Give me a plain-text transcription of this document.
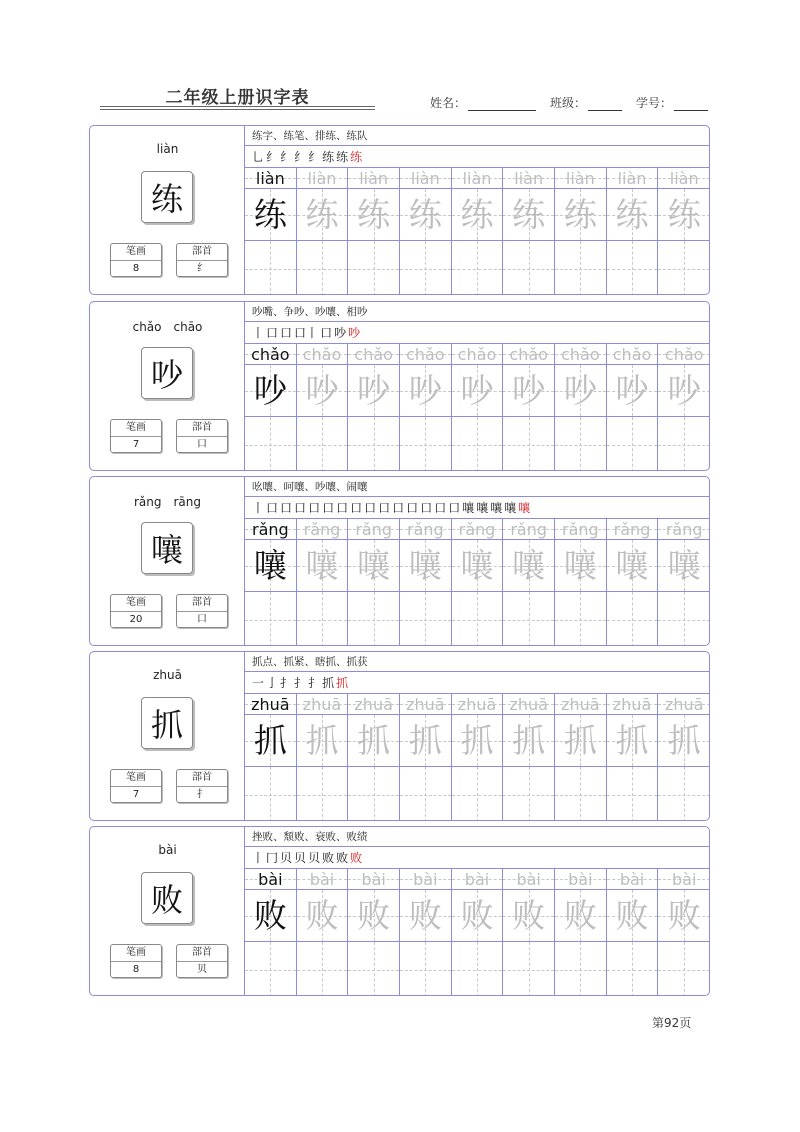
二年级上册识字表	姓名：	班级：	学号：
liàn
练
笔画
8
部首
纟
练字、练笔、排练、练队
乚 纟 纟 纟 纟 练 练 练
liàn
练
liàn
练
liàn
练
liàn
练
liàn
练
liàn
练
liàn
练
liàn
练
liàn
练
chǎo　chāo
吵
笔画
7
部首
口
吵嘴、争吵、吵嚷、相吵
丨 口 口 口丨 口 吵 吵
chǎo
吵
chǎo
吵
chǎo
吵
chǎo
吵
chǎo
吵
chǎo
吵
chǎo
吵
chǎo
吵
chǎo
吵
rǎng　rāng
嚷
笔画
20
部首
口
吆嚷、呵嚷、吵嚷、闹嚷
丨 口 口 口 口 口 口 口 口 口 口 口 口 口 口 嚷 嚷 嚷 嚷 嚷
rǎng
嚷
rǎng
嚷
rǎng
嚷
rǎng
嚷
rǎng
嚷
rǎng
嚷
rǎng
嚷
rǎng
嚷
rǎng
嚷
zhuā
抓
笔画
7
部首
扌
抓点、抓紧、瞎抓、抓获
一 亅 扌 扌 扌 抓 抓
zhuā
抓
zhuā
抓
zhuā
抓
zhuā
抓
zhuā
抓
zhuā
抓
zhuā
抓
zhuā
抓
zhuā
抓
bài
败
笔画
8
部首
贝
挫败、颓败、衰败、败绩
丨 冂 贝 贝 贝 败 败 败
bài
败
bài
败
bài
败
bài
败
bài
败
bài
败
bài
败
bài
败
bài
败
第92页
